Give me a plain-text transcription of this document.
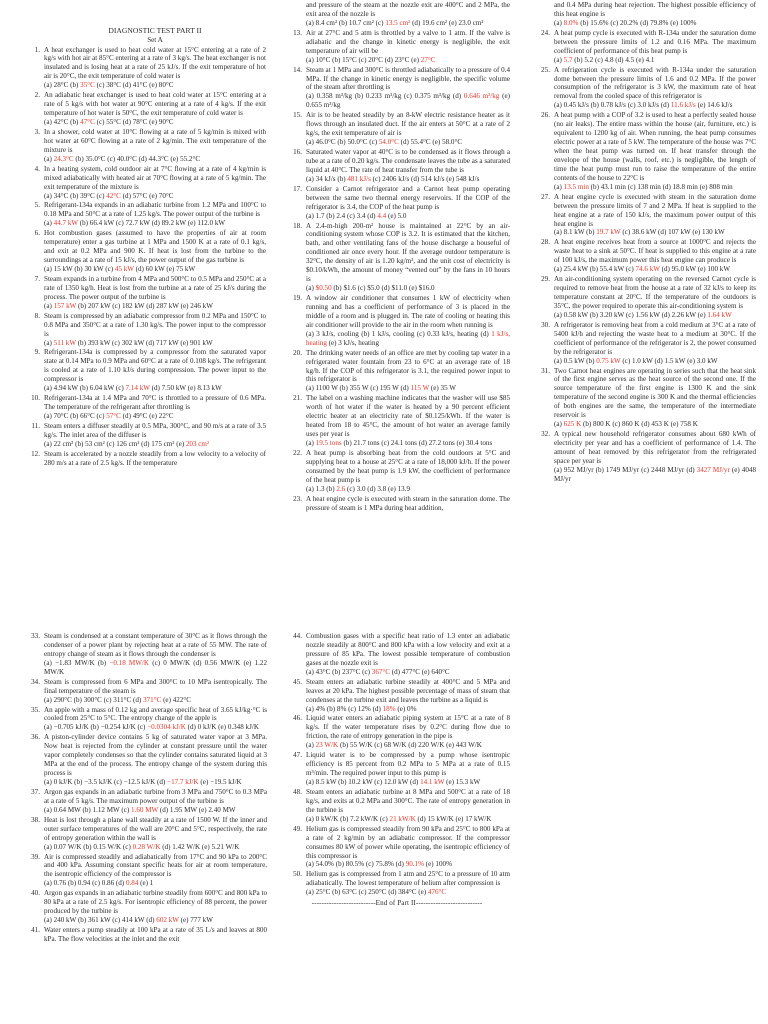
DIAGNOSTIC TEST PART II
Set A
1. A heat exchanger is used to heat cold water at 15°C entering at a rate of 2 kg/s with hot air at 85°C entering at a rate of 3 kg/s. The heat exchanger is not insulated and is losing heat at a rate of 25 kJ/s. If the exit temperature of hot air is 20°C, the exit temperature of cold water is
(a) 28°C (b) 35°C (c) 38°C (d) 41°C (e) 80°C
2. An adiabatic heat exchanger is used to heat cold water at 15°C entering at a rate of 5 kg/s with hot water at 90°C entering at a rate of 4 kg/s. If the exit temperature of hot water is 50°C, the exit temperature of cold water is
(a) 42°C (b) 47°C (c) 55°C (d) 78°C (e) 90°C
3. In a shower, cold water at 10°C flowing at a rate of 5 kg/min is mixed with hot water at 60°C flowing at a rate of 2 kg/min. The exit temperature of the mixture is
(a) 24.3°C (b) 35.0°C (c) 40.0°C (d) 44.3°C (e) 55.2°C
4. In a heating system, cold outdoor air at 7°C flowing at a rate of 4 kg/min is mixed adiabatically with heated air at 70°C flowing at a rate of 5 kg/min. The exit temperature of the mixture is
(a) 34°C (b) 39°C (c) 42°C (d) 57°C (e) 70°C
5. Refrigerant-134a expands in an adiabatic turbine from 1.2 MPa and 100°C to 0.18 MPa and 50°C at a rate of 1.25 kg/s. The power output of the turbine is
(a) 44.7 kW (b) 66.4 kW (c) 72.7 kW (d) 89.2 kW (e) 112.0 kW
6. Hot combustion gases (assumed to have the properties of air at room temperature) enter a gas turbine at 1 MPa and 1500 K at a rate of 0.1 kg/s, and exit at 0.2 MPa and 900 K. If heat is lost from the turbine to the surroundings at a rate of 15 kJ/s, the power output of the gas turbine is
(a) 15 kW (b) 30 kW (c) 45 kW (d) 60 kW (e) 75 kW
7. Steam expands in a turbine from 4 MPa and 500°C to 0.5 MPa and 250°C at a rate of 1350 kg/h. Heat is lost from the turbine at a rate of 25 kJ/s during the process. The power output of the turbine is
(a) 157 kW (b) 207 kW (c) 182 kW (d) 287 kW (e) 246 kW
8. Steam is compressed by an adiabatic compressor from 0.2 MPa and 150°C to 0.8 MPa and 350°C at a rate of 1.30 kg/s. The power input to the compressor is
(a) 511 kW (b) 393 kW (c) 302 kW (d) 717 kW (e) 901 kW
9. Refrigerant-134a is compressed by a compressor from the saturated vapor state at 0.14 MPa to 0.9 MPa and 60°C at a rate of 0.108 kg/s. The refrigerant is cooled at a rate of 1.10 kJ/s during compression. The power input to the compressor is
(a) 4.94 kW (b) 6.04 kW (c) 7.14 kW (d) 7.50 kW (e) 8.13 kW
10. Refrigerant-134a at 1.4 MPa and 70°C is throttled to a pressure of 0.6 MPa. The temperature of the refrigerant after throttling is
(a) 70°C (b) 66°C (c) 57°C (d) 49°C (e) 22°C
11. Steam enters a diffuser steadily at 0.5 MPa, 300°C, and 90 m/s at a rate of 3.5 kg/s. The inlet area of the diffuser is
(a) 22 cm² (b) 53 cm² (c) 126 cm² (d) 175 cm² (e) 203 cm²
12. Steam is accelerated by a nozzle steadily from a low velocity to a velocity of 280 m/s at a rate of 2.5 kg/s. If the temperature
and pressure of the steam at the nozzle exit are 400°C and 2 MPa, the exit area of the nozzle is
(a) 8.4 cm² (b) 10.7 cm² (c) 13.5 cm² (d) 19.6 cm² (e) 23.0 cm²
13. Air at 27°C and 5 atm is throttled by a valve to 1 atm. If the valve is adiabatic and the change in kinetic energy is negligible, the exit temperature of air will be
(a) 10°C (b) 15°C (c) 20°C (d) 23°C (e) 27°C
14. Steam at 1 MPa and 300°C is throttled adiabatically to a pressure of 0.4 MPa. If the change in kinetic energy is negligible, the specific volume of the steam after throttling is
(a) 0.358 m³/kg (b) 0.233 m³/kg (c) 0.375 m³/kg (d) 0.646 m³/kg (e) 0.655 m³/kg
15. Air is to be heated steadily by an 8-kW electric resistance heater as it flows through an insulated duct. If the air enters at 50°C at a rate of 2 kg/s, the exit temperature of air is
(a) 46.0°C (b) 50.0°C (c) 54.0°C (d) 55.4°C (e) 58.0°C
16. Saturated water vapor at 40°C is to be condensed as it flows through a tube at a rate of 0.20 kg/s. The condensate leaves the tube as a saturated liquid at 40°C. The rate of heat transfer from the tube is
(a) 34 kJ/s (b) 481 kJ/s (c) 2406 kJ/s (d) 514 kJ/s (e) 548 kJ/s
17. Consider a Carnot refrigerator and a Carnot heat pump operating between the same two thermal energy reservoirs. If the COP of the refrigerator is 3.4, the COP of the heat pump is
(a) 1.7 (b) 2.4 (c) 3.4 (d) 4.4 (e) 5.0
18. A 2.4-m-high 200-m² house is maintained at 22°C by an air-conditioning system whose COP is 3.2. It is estimated that the kitchen, bath, and other ventilating fans of the house discharge a houseful of conditioned air once every hour. If the average outdoor temperature is 32°C, the density of air is 1.20 kg/m³, and the unit cost of electricity is $0.10/kWh, the amount of money “vented out” by the fans in 10 hours is
(a) $0.50 (b) $1.6 (c) $5.0 (d) $11.0 (e) $16.0
19. A window air conditioner that consumes 1 kW of electricity when running and has a coefficient of performance of 3 is placed in the middle of a room and is plugged in. The rate of cooling or heating this air conditioner will provide to the air in the room when running is
(a) 3 kJ/s, cooling (b) 1 kJ/s, cooling (c) 0.33 kJ/s, heating (d) 1 kJ/s, heating (e) 3 kJ/s, heating
20. The drinking water needs of an office are met by cooling tap water in a refrigerated water fountain from 23 to 6°C at an average rate of 18 kg/h. If the COP of this refrigerator is 3.1, the required power input to this refrigerator is
(a) 1100 W (b) 355 W (c) 195 W (d) 115 W (e) 35 W
21. The label on a washing machine indicates that the washer will use $85 worth of hot water if the water is heated by a 90 percent efficient electric heater at an electricity rate of $0.125/kWh. If the water is heated from 18 to 45°C, the amount of hot water an average family uses per year is
(a) 19.5 tons (b) 21.7 tons (c) 24.1 tons (d) 27.2 tons (e) 30.4 tons
22. A heat pump is absorbing heat from the cold outdoors at 5°C and supplying heat to a house at 25°C at a rate of 18,000 kJ/h. If the power consumed by the heat pump is 1.9 kW, the coefficient of performance of the heat pump is
(a) 1.3 (b) 2.6 (c) 3.0 (d) 3.8 (e) 13.9
23. A heat engine cycle is executed with steam in the saturation dome. The pressure of steam is 1 MPa during heat addition,
and 0.4 MPa during heat rejection. The highest possible efficiency of this heat engine is
(a) 8.0% (b) 15.6% (c) 20.2% (d) 79.8% (e) 100%
24. A heat pump cycle is executed with R-134a under the saturation dome between the pressure limits of 1.2 and 0.16 MPa. The maximum coefficient of performance of this heat pump is
(a) 5.7 (b) 5.2 (c) 4.8 (d) 4.5 (e) 4.1
25. A refrigeration cycle is executed with R-134a under the saturation dome between the pressure limits of 1.6 and 0.2 MPa. If the power consumption of the refrigerator is 3 kW, the maximum rate of heat removal from the cooled space of this refrigerator is
(a) 0.45 kJ/s (b) 0.78 kJ/s (c) 3.0 kJ/s (d) 11.6 kJ/s (e) 14.6 kJ/s
26. A heat pump with a COP of 3.2 is used to heat a perfectly sealed house (no air leaks). The entire mass within the house (air, furniture, etc.) is equivalent to 1200 kg of air. When running, the heat pump consumes electric power at a rate of 5 kW. The temperature of the house was 7°C when the heat pump was turned on. If heat transfer through the envelope of the house (walls, roof, etc.) is negligible, the length of time the heat pump must run to raise the temperature of the entire contents of the house to 22°C is
(a) 13.5 min (b) 43.1 min (c) 138 min (d) 18.8 min (e) 808 min
27. A heat engine cycle is executed with steam in the saturation dome between the pressure limits of 7 and 2 MPa. If heat is supplied to the heat engine at a rate of 150 kJ/s, the maximum power output of this heat engine is
(a) 8.1 kW (b) 19.7 kW (c) 38.6 kW (d) 107 kW (e) 130 kW
28. A heat engine receives heat from a source at 1000°C and rejects the waste heat to a sink at 50°C. If heat is supplied to this engine at a rate of 100 kJ/s, the maximum power this heat engine can produce is
(a) 25.4 kW (b) 55.4 kW (c) 74.6 kW (d) 95.0 kW (e) 100 kW
29. An air-conditioning system operating on the reversed Carnot cycle is required to remove heat from the house at a rate of 32 kJ/s to keep its temperature constant at 20°C. If the temperature of the outdoors is 35°C, the power required to operate this air-conditioning system is
(a) 0.58 kW (b) 3.20 kW (c) 1.56 kW (d) 2.26 kW (e) 1.64 kW
30. A refrigerator is removing heat from a cold medium at 3°C at a rate of 5400 kJ/h and rejecting the waste heat to a medium at 30°C. If the coefficient of performance of the refrigerator is 2, the power consumed by the refrigerator is
(a) 0.5 kW (b) 0.75 kW (c) 1.0 kW (d) 1.5 kW (e) 3.0 kW
31. Two Carnot heat engines are operating in series such that the heat sink of the first engine serves as the heat source of the second one. If the source temperature of the first engine is 1300 K and the sink temperature of the second engine is 300 K and the thermal efficiencies of both engines are the same, the temperature of the intermediate reservoir is
(a) 625 K (b) 800 K (c) 860 K (d) 453 K (e) 758 K
32. A typical new household refrigerator consumes about 680 kWh of electricity per year and has a coefficient of performance of 1.4. The amount of heat removed by this refrigerator from the refrigerated space per year is
(a) 952 MJ/yr (b) 1749 MJ/yr (c) 2448 MJ/yr (d) 3427 MJ/yr (e) 4048 MJ/yr
33. Steam is condensed at a constant temperature of 30°C as it flows through the condenser of a power plant by rejecting heat at a rate of 55 MW. The rate of entropy change of steam as it flows through the condenser is
(a) −1.83 MW/K (b) −0.18 MW/K (c) 0 MW/K (d) 0.56 MW/K (e) 1.22 MW/K
34. Steam is compressed from 6 MPa and 300°C to 10 MPa isentropically. The final temperature of the steam is
(a) 290°C (b) 300°C (c) 311°C (d) 371°C (e) 422°C
35. An apple with a mass of 0.12 kg and average specific heat of 3.65 kJ/kg·°C is cooled from 25°C to 5°C. The entropy change of the apple is
(a) −0.705 kJ/K (b) −0.254 kJ/K (c) −0.0304 kJ/K (d) 0 kJ/K (e) 0.348 kJ/K
36. A piston-cylinder device contains 5 kg of saturated water vapor at 3 MPa. Now heat is rejected from the cylinder at constant pressure until the water vapor completely condenses so that the cylinder contains saturated liquid at 3 MPa at the end of the process. The entropy change of the system during this process is
(a) 0 kJ/K (b) −3.5 kJ/K (c) −12.5 kJ/K (d) −17.7 kJ/K (e) −19.5 kJ/K
37. Argon gas expands in an adiabatic turbine from 3 MPa and 750°C to 0.3 MPa at a rate of 5 kg/s. The maximum power output of the turbine is
(a) 0.64 MW (b) 1.12 MW (c) 1.60 MW (d) 1.95 MW (e) 2.40 MW
38. Heat is lost through a plane wall steadily at a rate of 1500 W. If the inner and outer surface temperatures of the wall are 20°C and 5°C, respectively, the rate of entropy generation within the wall is
(a) 0.07 W/K (b) 0.15 W/K (c) 0.28 W/K (d) 1.42 W/K (e) 5.21 W/K
39. Air is compressed steadily and adiabatically from 17°C and 90 kPa to 200°C and 400 kPa. Assuming constant specific heats for air at room temperature, the isentropic efficiency of the compressor is
(a) 0.76 (b) 0.94 (c) 0.86 (d) 0.84 (e) 1
40. Argon gas expands in an adiabatic turbine steadily from 600°C and 800 kPa to 80 kPa at a rate of 2.5 kg/s. For isentropic efficiency of 88 percent, the power produced by the turbine is
(a) 240 kW (b) 361 kW (c) 414 kW (d) 602 kW (e) 777 kW
41. Water enters a pump steadily at 100 kPa at a rate of 35 L/s and leaves at 800 kPa. The flow velocities at the inlet and the exit
44. Combustion gases with a specific heat ratio of 1.3 enter an adiabatic nozzle steadily at 800°C and 800 kPa with a low velocity and exit at a pressure of 85 kPa. The lowest possible temperature of combustion gases at the nozzle exit is
(a) 43°C (b) 237°C (c) 367°C (d) 477°C (e) 640°C
45. Steam enters an adiabatic turbine steadily at 400°C and 5 MPa and leaves at 20 kPa. The highest possible percentage of mass of steam that condenses at the turbine exit and leaves the turbine as a liquid is
(a) 4% (b) 8% (c) 12% (d) 18% (e) 0%
46. Liquid water enters an adiabatic piping system at 15°C at a rate of 8 kg/s. If the water temperature rises by 0.2°C during flow due to friction, the rate of entropy generation in the pipe is
(a) 23 W/K (b) 55 W/K (c) 68 W/K (d) 220 W/K (e) 443 W/K
47. Liquid water is to be compressed by a pump whose isentropic efficiency is 85 percent from 0.2 MPa to 5 MPa at a rate of 0.15 m³/min. The required power input to this pump is
(a) 8.5 kW (b) 10.2 kW (c) 12.0 kW (d) 14.1 kW (e) 15.3 kW
48. Steam enters an adiabatic turbine at 8 MPa and 500°C at a rate of 18 kg/s, and exits at 0.2 MPa and 300°C. The rate of entropy generation in the turbine is
(a) 0 kW/K (b) 7.2 kW/K (c) 21 kW/K (d) 15 kW/K (e) 17 kW/K
49. Helium gas is compressed steadily from 90 kPa and 25°C to 800 kPa at a rate of 2 kg/min by an adiabatic compressor. If the compressor consumes 80 kW of power while operating, the isentropic efficiency of this compressor is
(a) 54.0% (b) 80.5% (c) 75.8% (d) 90.1% (e) 100%
50. Helium gas is compressed from 1 atm and 25°C to a pressure of 10 atm adiabatically. The lowest temperature of helium after compression is
(a) 25°C (b) 63°C (c) 250°C (d) 384°C (e) 476°C
--------------------------End of Part II---------------------------
